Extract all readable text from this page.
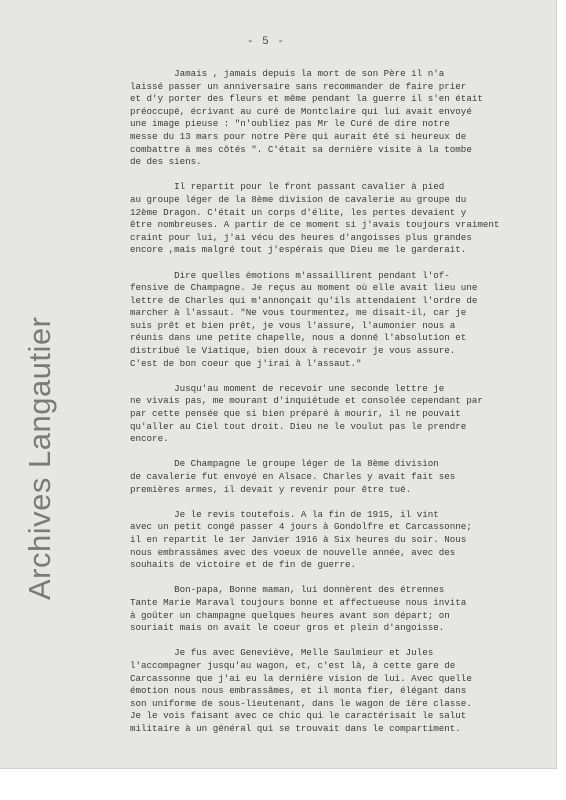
- 5 -
Jamais , jamais depuis la mort de son Père il n'a
laissé passer un anniversaire sans recommander de faire prier
et d'y porter des fleurs et même pendant la guerre il s'en était
préoccupé, écrivant au curé de Montclaire qui lui avait envoyé
une image pieuse : "n'oubliez pas Mr le Curé de dire notre
messe du 13 mars pour notre Père qui aurait été si heureux de
combattre à mes côtés ". C'était sa dernière visite à la tombe
de des siens.
Il repartit pour le front passant cavalier à pied
au groupe léger de la 8ème division de cavalerie au groupe du
12ème Dragon. C'était un corps d'élite, les pertes devaient y
être nombreuses. A partir de ce moment si j'avais toujours vraiment
craint pour lui, j'ai vécu des heures d'angoisses plus grandes
encore ,mais malgré tout j'espérais que Dieu me le garderait.
Dire quelles émotions m'assaillirent pendant l'of-
fensive de Champagne. Je reçus au moment où elle avait lieu une
lettre de Charles qui m'annonçait qu'ils attendaient l'ordre de
marcher à l'assaut. "Ne vous tourmentez, me disait-il, car je
suis prêt et bien prêt, je vous l'assure, l'aumonier nous a
réunis dans une petite chapelle, nous a donné l'absolution et
distribué le Viatique, bien doux à recevoir je vous assure.
C'est de bon coeur que j'irai à l'assaut."
Jusqu'au moment de recevoir une seconde lettre je
ne vivais pas, me mourant d'inquiétude et consolée cependant par
par cette pensée que si bien préparé à mourir, il ne pouvait
qu'aller au Ciel tout droit. Dieu ne le voulut pas le prendre
encore.
De Champagne le groupe léger de la 8ème division
de cavalerie fut envoyé en Alsace. Charles y avait fait ses
premières armes, il devait y revenir pour être tué.
Je le revis toutefois. A la fin de 1915, il vint
avec un petit congé passer 4 jours à Gondolfre et Carcassonne;
il en repartit le 1er Janvier 1916 à Six heures du soir. Nous
nous embrassâmes avec des voeux de nouvelle année, avec des
souhaits de victoire et de fin de guerre.
Bon-papa, Bonne maman, lui donnèrent des étrennes
Tante Marie Maraval toujours bonne et affectueuse nous invita
à goûter un champagne quelques heures avant son départ; on
souriait mais on avait le coeur gros et plein d'angoisse.
Je fus avec Geneviève, Melle Saulmieur et Jules
l'accompagner jusqu'au wagon, et, c'est là, à cette gare de
Carcassonne que j'ai eu la dernière vision de lui. Avec quelle
émotion nous nous embrassâmes, et il monta fier, élégant dans
son uniforme de sous-lieutenant, dans le wagon de 1ère classe.
Je le vois faisant avec ce chic qui le caractérisait le salut
militaire à un général qui se trouvait dans le compartiment.
Archives Langautier
